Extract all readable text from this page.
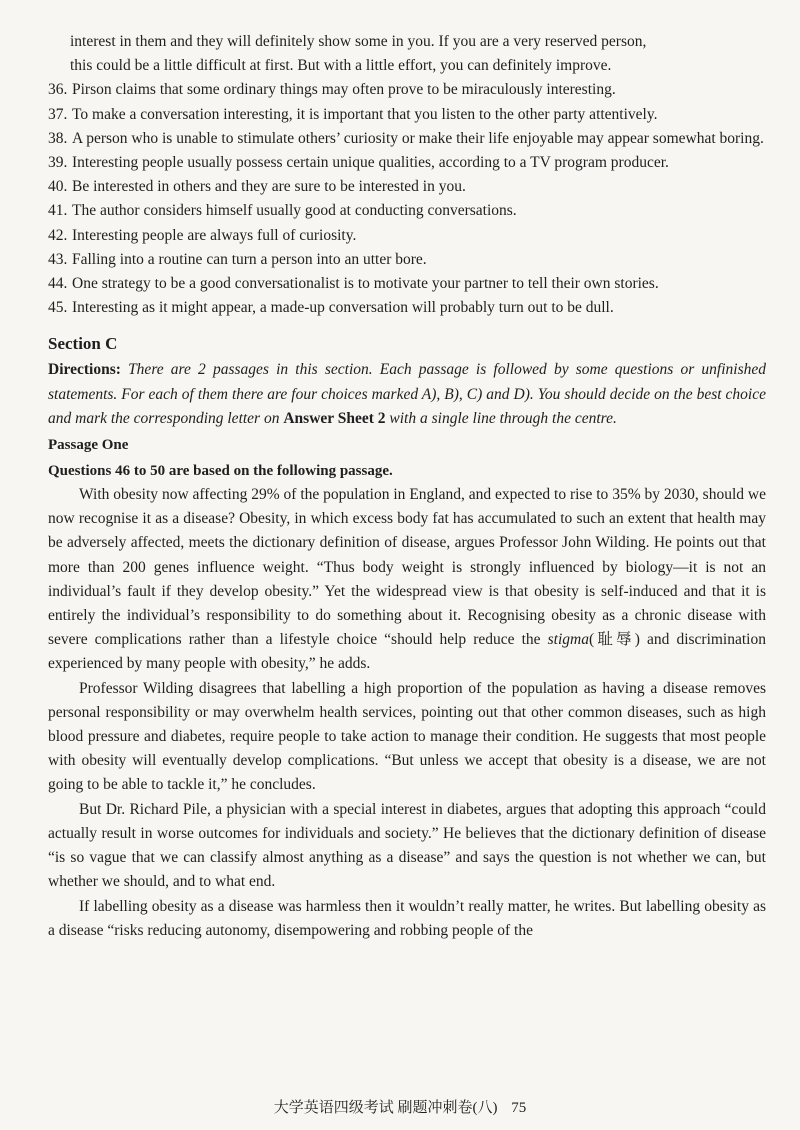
interest in them and they will definitely show some in you. If you are a very reserved person,

this could be a little difficult at first. But with a little effort, you can definitely improve.

36. Pirson claims that some ordinary things may often prove to be miraculously interesting.
37. To make a conversation interesting, it is important that you listen to the other party attentively.
38. A person who is unable to stimulate others’ curiosity or make their life enjoyable may appear somewhat boring.
39. Interesting people usually possess certain unique qualities, according to a TV program producer.
40. Be interested in others and they are sure to be interested in you.
41. The author considers himself usually good at conducting conversations.
42. Interesting people are always full of curiosity.
43. Falling into a routine can turn a person into an utter bore.
44. One strategy to be a good conversationalist is to motivate your partner to tell their own stories.
45. Interesting as it might appear, a made-up conversation will probably turn out to be dull.
Section C
Directions: There are 2 passages in this section. Each passage is followed by some questions or unfinished statements. For each of them there are four choices marked A), B), C) and D). You should decide on the best choice and mark the corresponding letter on Answer Sheet 2 with a single line through the centre.
Passage One
Questions 46 to 50 are based on the following passage.

With obesity now affecting 29% of the population in England, and expected to rise to 35% by 2030, should we now recognise it as a disease? Obesity, in which excess body fat has accumulated to such an extent that health may be adversely affected, meets the dictionary definition of disease, argues Professor John Wilding. He points out that more than 200 genes influence weight. “Thus body weight is strongly influenced by biology—it is not an individual’s fault if they develop obesity.” Yet the widespread view is that obesity is self-induced and that it is entirely the individual’s responsibility to do something about it. Recognising obesity as a chronic disease with severe complications rather than a lifestyle choice “should help reduce the stigma(耻辱) and discrimination experienced by many people with obesity,” he adds.

Professor Wilding disagrees that labelling a high proportion of the population as having a disease removes personal responsibility or may overwhelm health services, pointing out that other common diseases, such as high blood pressure and diabetes, require people to take action to manage their condition. He suggests that most people with obesity will eventually develop complications. “But unless we accept that obesity is a disease, we are not going to be able to tackle it,” he concludes.

But Dr. Richard Pile, a physician with a special interest in diabetes, argues that adopting this approach “could actually result in worse outcomes for individuals and society.” He believes that the dictionary definition of disease “is so vague that we can classify almost anything as a disease” and says the question is not whether we can, but whether we should, and to what end.

If labelling obesity as a disease was harmless then it wouldn’t really matter, he writes. But labelling obesity as a disease “risks reducing autonomy, disempowering and robbing people of the

大学英语四级考试 刷题冲刺卷(八) 75
